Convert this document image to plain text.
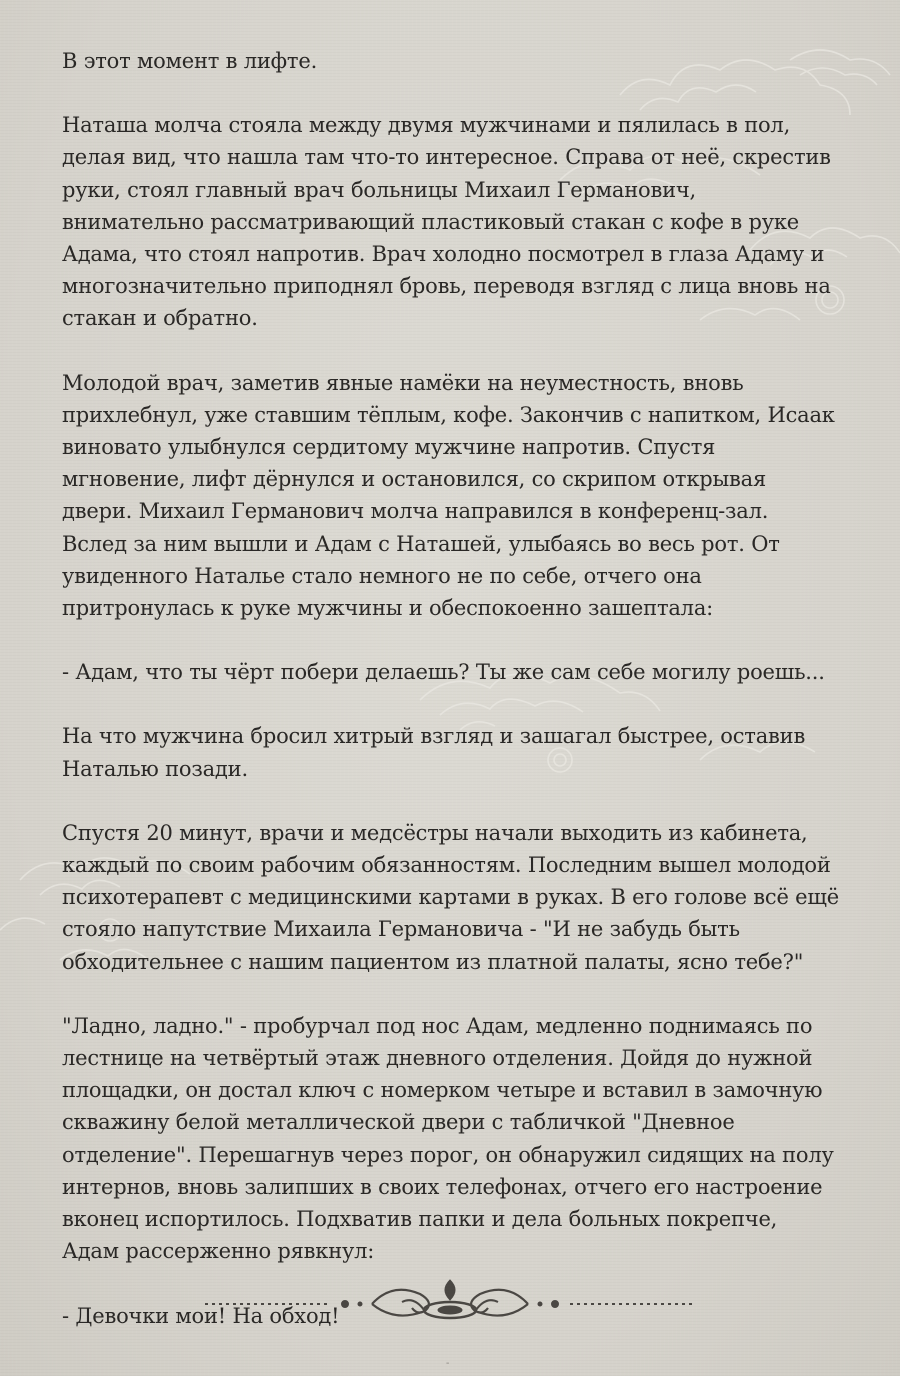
В этот момент в лифте.

Наташа молча стояла между двумя мужчинами и пялилась в пол,
делая вид, что нашла там что-то интересное. Справа от неё, скрестив
руки, стоял главный врач больницы Михаил Германович,
внимательно рассматривающий пластиковый стакан с кофе в руке
Адама, что стоял напротив. Врач холодно посмотрел в глаза Адаму и
многозначительно приподнял бровь, переводя взгляд с лица вновь на
стакан и обратно.

Молодой врач, заметив явные намёки на неуместность, вновь
прихлебнул, уже ставшим тёплым, кофе. Закончив с напитком, Исаак
виновато улыбнулся сердитому мужчине напротив. Спустя
мгновение, лифт дёрнулся и остановился, со скрипом открывая
двери. Михаил Германович молча направился в конференц-зал.
Вслед за ним вышли и Адам с Наташей, улыбаясь во весь рот. От
увиденного Наталье стало немного не по себе, отчего она
притронулась к руке мужчины и обеспокоенно зашептала:

- Адам, что ты чёрт побери делаешь? Ты же сам себе могилу роешь...

На что мужчина бросил хитрый взгляд и зашагал быстрее, оставив
Наталью позади.

Спустя 20 минут, врачи и медсёстры начали выходить из кабинета,
каждый по своим рабочим обязанностям. Последним вышел молодой
психотерапевт с медицинскими картами в руках. В его голове всё ещё
стояло напутствие Михаила Германовича - "И не забудь быть
обходительнее с нашим пациентом из платной палаты, ясно тебе?"

"Ладно, ладно." - пробурчал под нос Адам, медленно поднимаясь по
лестнице на четвёртый этаж дневного отделения. Дойдя до нужной
площадки, он достал ключ с номерком четыре и вставил в замочную
скважину белой металлической двери с табличкой "Дневное
отделение". Перешагнув через порог, он обнаружил сидящих на полу
интернов, вновь залипших в своих телефонах, отчего его настроение
вконец испортилось. Подхватив папки и дела больных покрепче,
Адам рассерженно рявкнул:

- Девочки мои! На обход!

-
